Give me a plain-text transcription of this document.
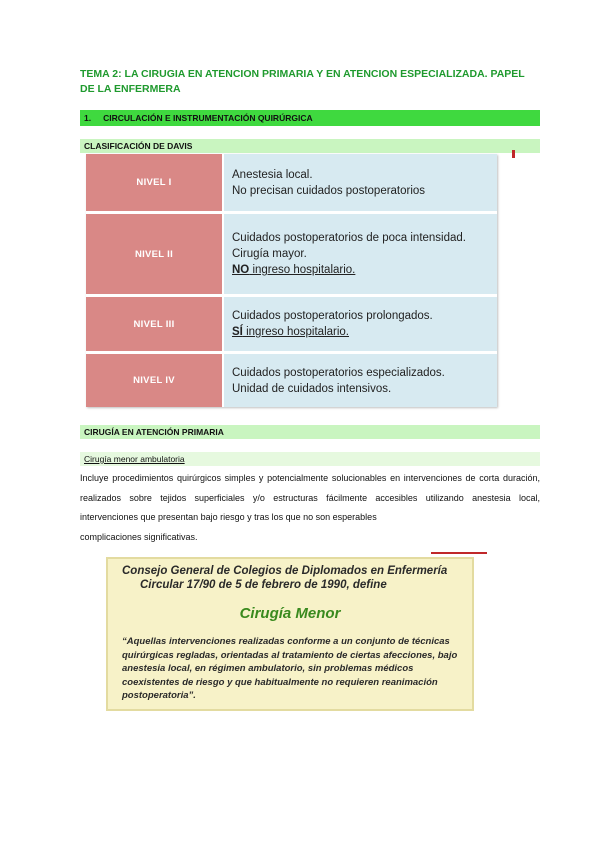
TEMA 2: LA CIRUGIA EN ATENCION PRIMARIA Y EN ATENCION ESPECIALIZADA. PAPEL DE LA ENFERMERA
1. CIRCULACIÓN E INSTRUMENTACIÓN QUIRÚRGICA
CLASIFICACIÓN DE DAVIS
NIVEL I
Anestesia local.
No precisan cuidados postoperatorios
NIVEL II
Cuidados postoperatorios de poca intensidad.
Cirugía mayor.
NO ingreso hospitalario.
NIVEL III
Cuidados postoperatorios prolongados.
SÍ ingreso hospitalario.
NIVEL IV
Cuidados postoperatorios especializados.
Unidad de cuidados intensivos.
CIRUGÍA EN ATENCIÓN PRIMARIA
Cirugía menor ambulatoria
Incluye procedimientos quirúrgicos simples y potencialmente solucionables en intervenciones de corta duración, realizados sobre tejidos superficiales y/o estructuras fácilmente accesibles utilizando anestesia local, intervenciones que presentan bajo riesgo y tras los que no son esperables
complicaciones significativas.
Consejo General de Colegios de Diplomados en Enfermería
Circular 17/90 de 5 de febrero de 1990, define
Cirugía Menor
“Aquellas intervenciones realizadas conforme a un conjunto de técnicas quirúrgicas regladas, orientadas al tratamiento de ciertas afecciones, bajo anestesia local, en régimen ambulatorio, sin problemas médicos coexistentes de riesgo y que habitualmente no requieren reanimación postoperatoria”.
